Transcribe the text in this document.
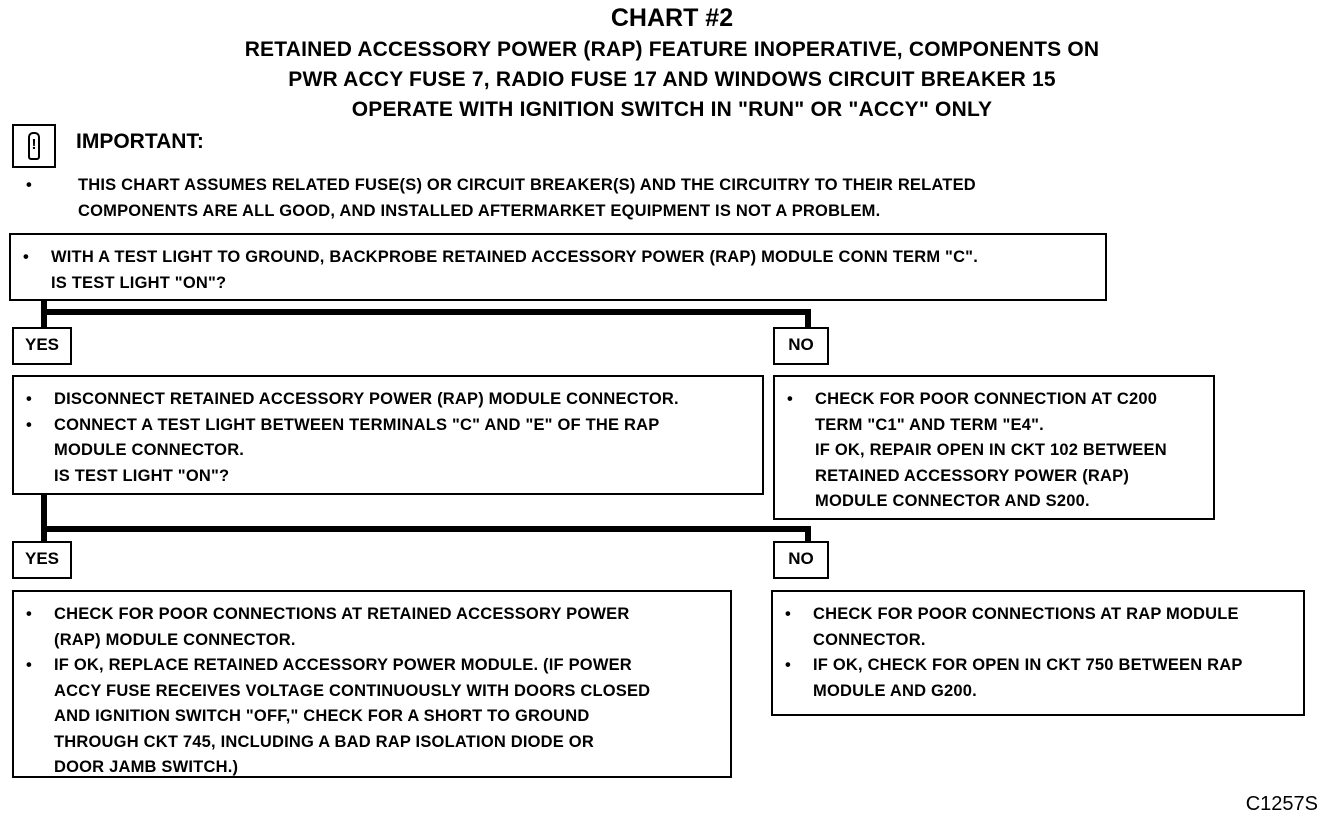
CHART #2
RETAINED ACCESSORY POWER (RAP) FEATURE INOPERATIVE, COMPONENTS ON
PWR ACCY FUSE 7, RADIO FUSE 17 AND WINDOWS CIRCUIT BREAKER 15
OPERATE WITH IGNITION SWITCH IN "RUN" OR "ACCY" ONLY
! IMPORTANT:
•	THIS CHART ASSUMES RELATED FUSE(S) OR CIRCUIT BREAKER(S) AND THE CIRCUITRY TO THEIR RELATED
COMPONENTS ARE ALL GOOD, AND INSTALLED AFTERMARKET EQUIPMENT IS NOT A PROBLEM.
• WITH A TEST LIGHT TO GROUND, BACKPROBE RETAINED ACCESSORY POWER (RAP) MODULE CONN TERM "C".
IS TEST LIGHT "ON"?
YES	NO
• DISCONNECT RETAINED ACCESSORY POWER (RAP) MODULE CONNECTOR.
• CONNECT A TEST LIGHT BETWEEN TERMINALS "C" AND "E" OF THE RAP
MODULE CONNECTOR.
IS TEST LIGHT "ON"?
• CHECK FOR POOR CONNECTION AT C200
TERM "C1" AND TERM "E4".
IF OK, REPAIR OPEN IN CKT 102 BETWEEN
RETAINED ACCESSORY POWER (RAP)
MODULE CONNECTOR AND S200.
YES	NO
• CHECK FOR POOR CONNECTIONS AT RETAINED ACCESSORY POWER
(RAP) MODULE CONNECTOR.
• IF OK, REPLACE RETAINED ACCESSORY POWER MODULE. (IF POWER
ACCY FUSE RECEIVES VOLTAGE CONTINUOUSLY WITH DOORS CLOSED
AND IGNITION SWITCH "OFF," CHECK FOR A SHORT TO GROUND
THROUGH CKT 745, INCLUDING A BAD RAP ISOLATION DIODE OR
DOOR JAMB SWITCH.)
• CHECK FOR POOR CONNECTIONS AT RAP MODULE
CONNECTOR.
• IF OK, CHECK FOR OPEN IN CKT 750 BETWEEN RAP
MODULE AND G200.
C1257S
